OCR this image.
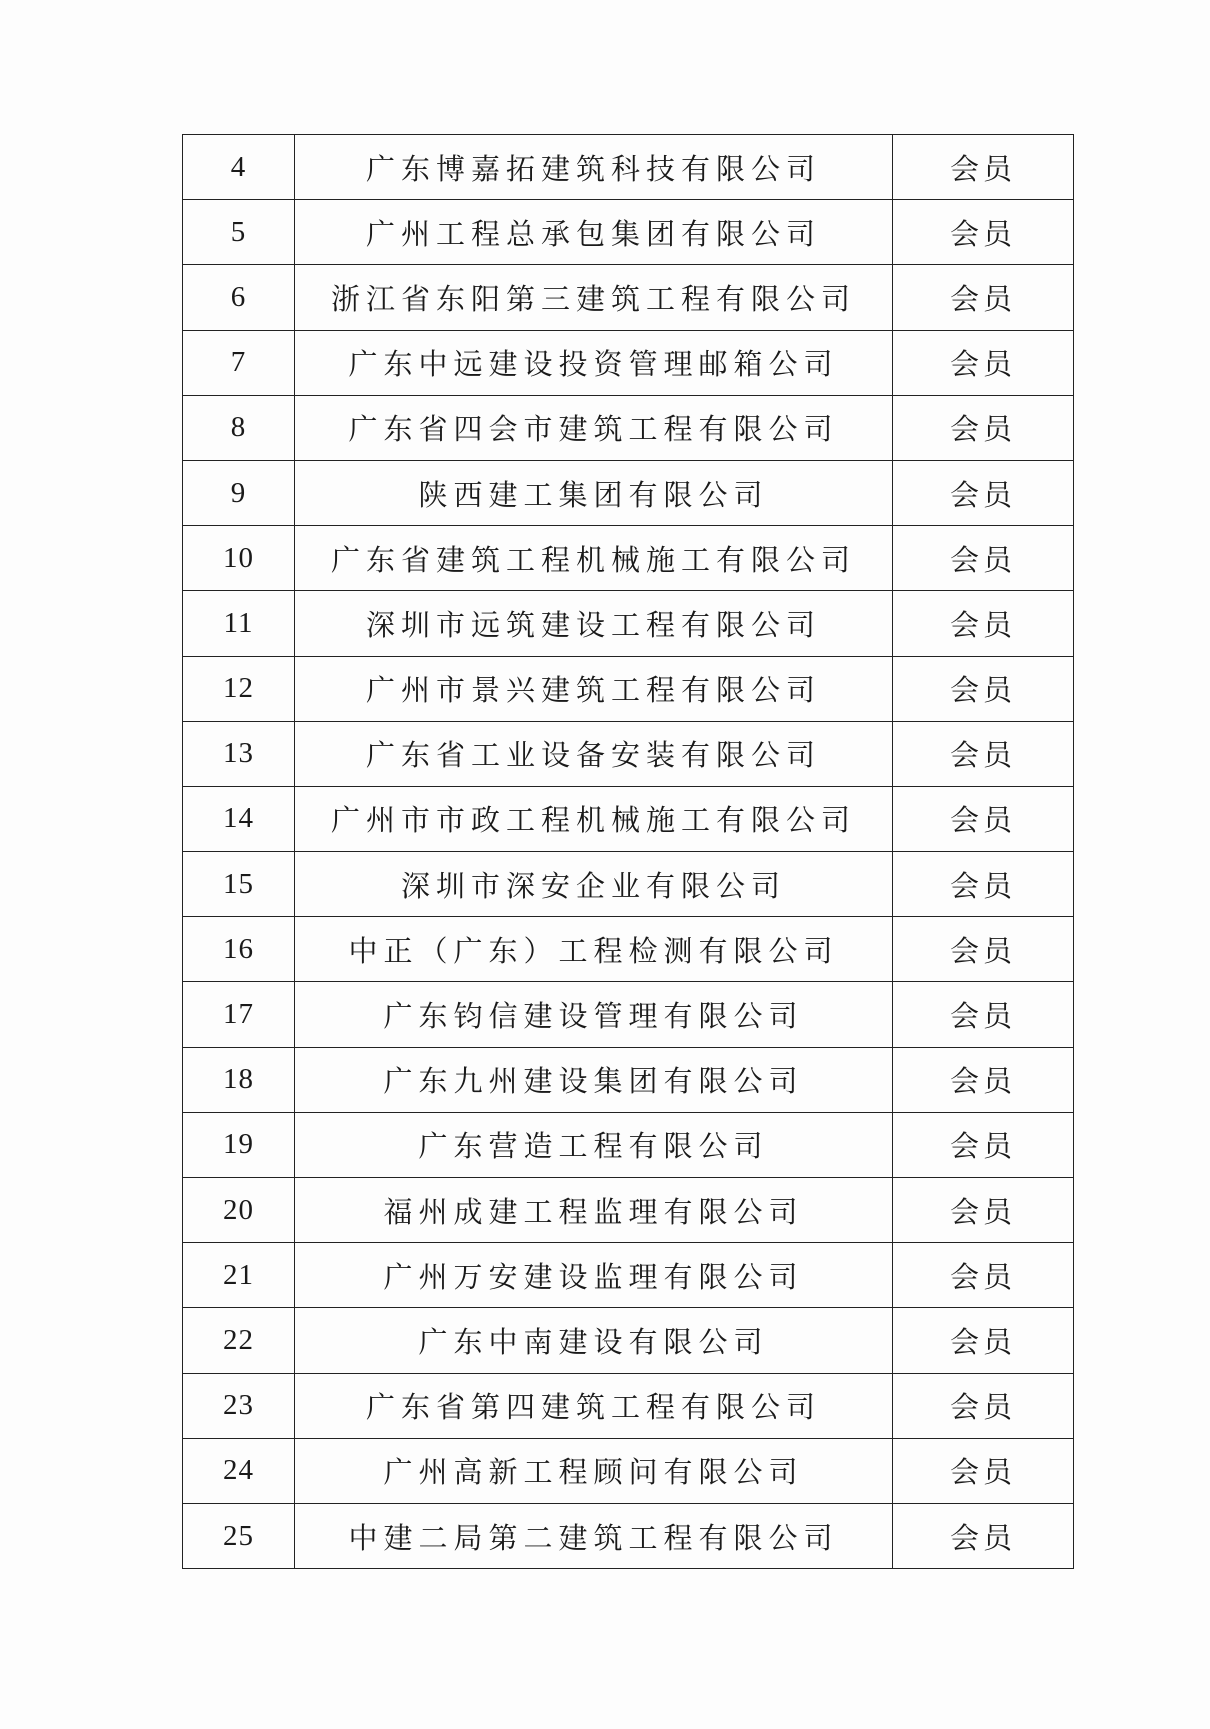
4	广东博嘉拓建筑科技有限公司	会员
5	广州工程总承包集团有限公司	会员
6	浙江省东阳第三建筑工程有限公司	会员
7	广东中远建设投资管理邮箱公司	会员
8	广东省四会市建筑工程有限公司	会员
9	陕西建工集团有限公司	会员
10	广东省建筑工程机械施工有限公司	会员
11	深圳市远筑建设工程有限公司	会员
12	广州市景兴建筑工程有限公司	会员
13	广东省工业设备安装有限公司	会员
14	广州市市政工程机械施工有限公司	会员
15	深圳市深安企业有限公司	会员
16	中正（广东）工程检测有限公司	会员
17	广东钧信建设管理有限公司	会员
18	广东九州建设集团有限公司	会员
19	广东营造工程有限公司	会员
20	福州成建工程监理有限公司	会员
21	广州万安建设监理有限公司	会员
22	广东中南建设有限公司	会员
23	广东省第四建筑工程有限公司	会员
24	广州高新工程顾问有限公司	会员
25	中建二局第二建筑工程有限公司	会员
